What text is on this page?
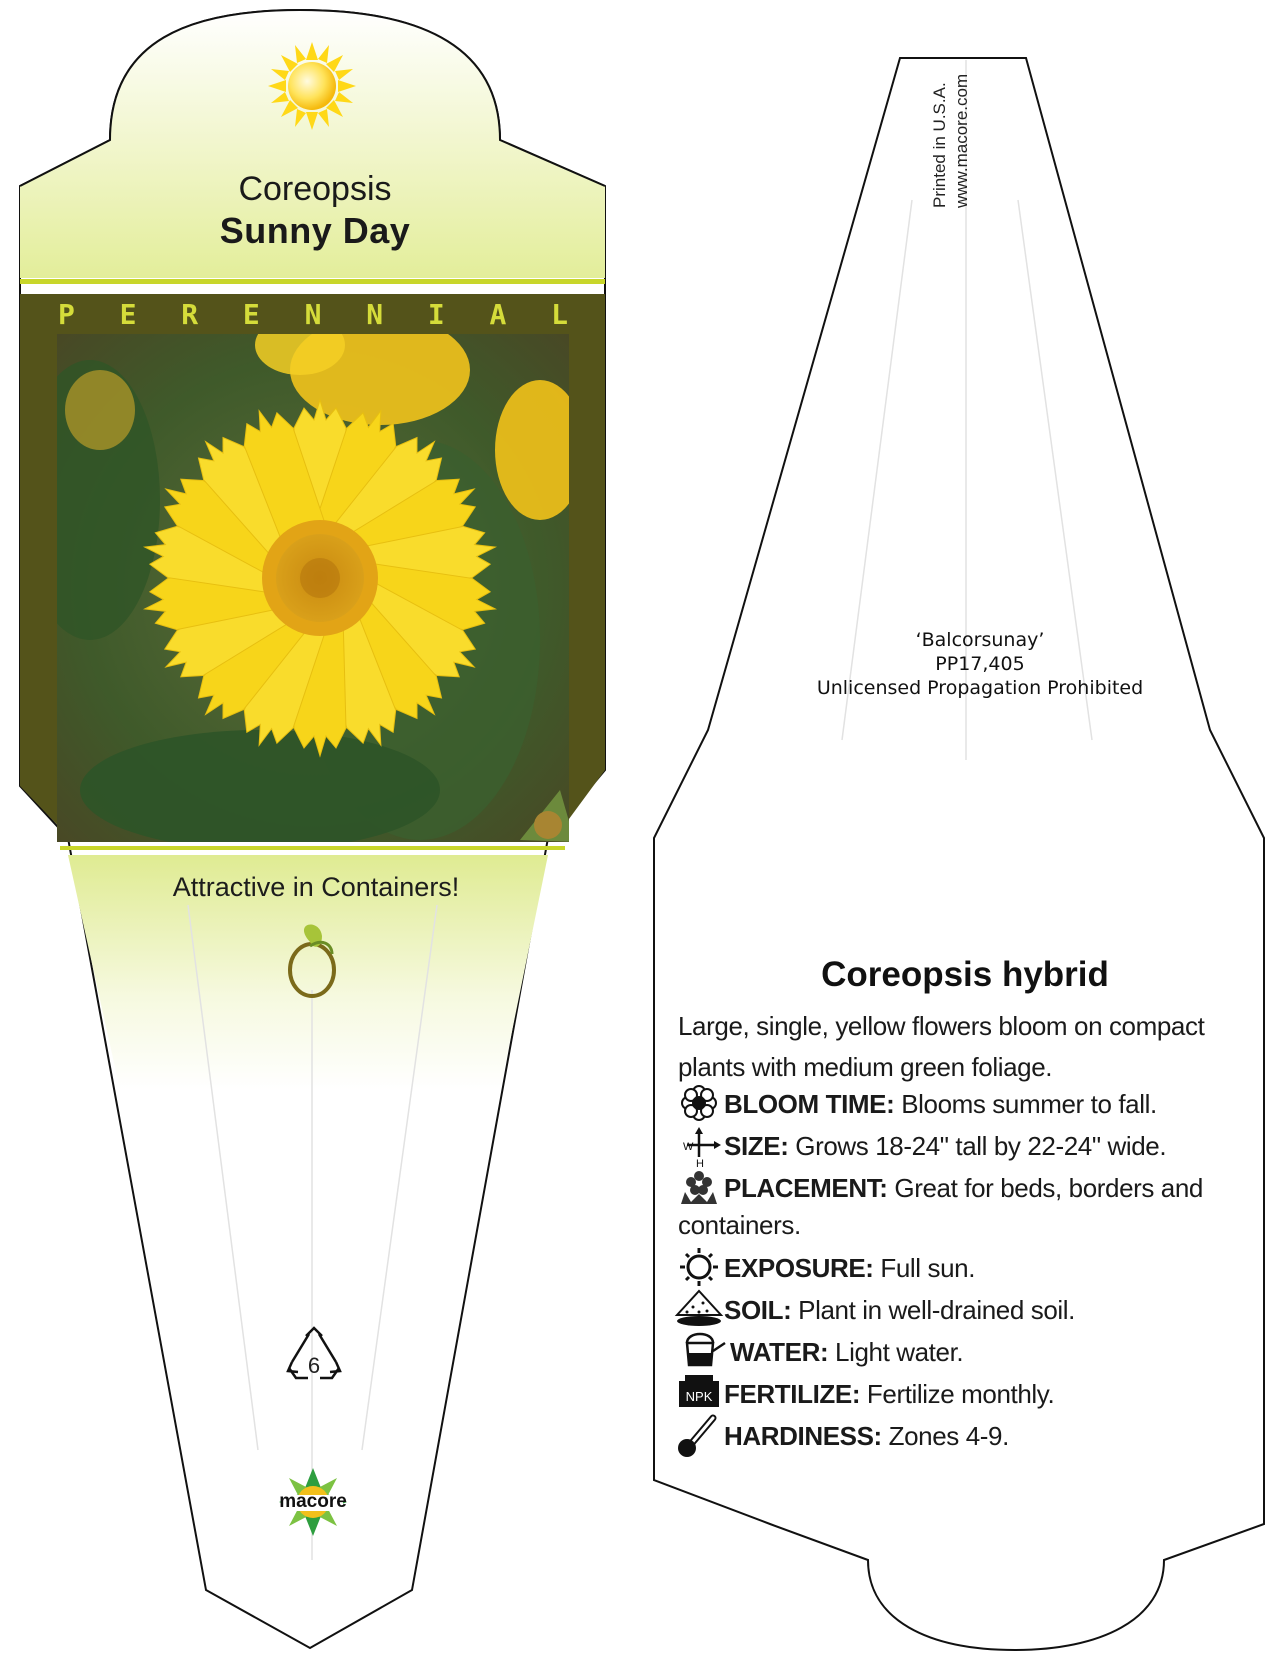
NPK
W
H
Coreopsis
Sunny Day
P E R E N N I A L
Attractive in Containers!
6
macore
Printed in U.S.A. www.macore.com
‘Balcorsunay’
PP17,405
Unlicensed Propagation Prohibited
Coreopsis hybrid
Large, single, yellow flowers bloom on compact plants with medium green foliage.
BLOOM TIME: Blooms summer to fall.
SIZE: Grows 18-24" tall by 22-24" wide.
PLACEMENT: Great for beds, borders and
containers.
EXPOSURE: Full sun.
SOIL: Plant in well-drained soil.
WATER: Light water.
FERTILIZE: Fertilize monthly.
HARDINESS: Zones 4-9.
